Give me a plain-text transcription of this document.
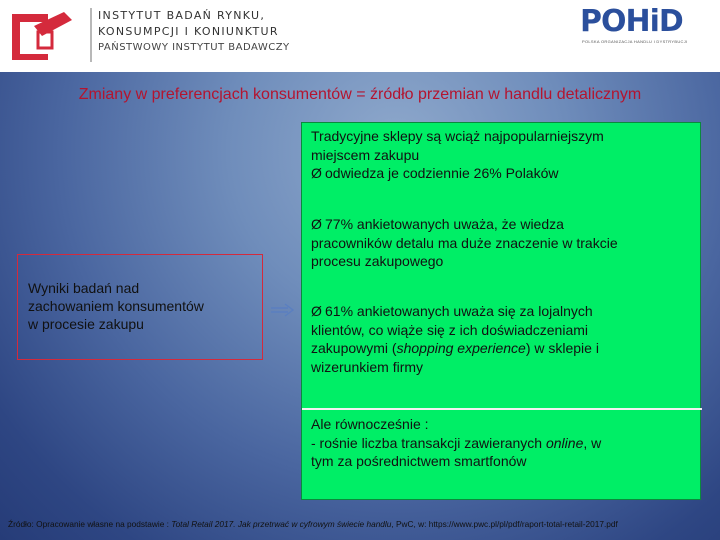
INSTYTUT BADAŃ RYNKU,
KONSUMPCJI I KONIUNKTUR
PAŃSTWOWY INSTYTUT BADAWCZY
POHiD
POLSKA ORGANIZACJA HANDLU I DYSTRYBUCJI
Zmiany w preferencjach konsumentów = źródło przemian w handlu detalicznym
Wyniki badań nad
zachowaniem konsumentów
w procesie zakupu
Tradycyjne sklepy są wciąż najpopularniejszym
miejscem zakupu
Ø odwiedza je codziennie 26% Polaków
Ø 77% ankietowanych uważa, że wiedza
pracowników detalu ma duże znaczenie w trakcie
procesu zakupowego
Ø 61% ankietowanych uważa się za lojalnych
klientów, co wiąże się z ich doświadczeniami
zakupowymi (shopping experience) w sklepie i
wizerunkiem firmy
Ale równocześnie :
- rośnie liczba transakcji zawieranych online, w
tym za pośrednictwem smartfonów
Źródło: Opracowanie własne na podstawie : Total Retail 2017. Jak przetrwać w cyfrowym świecie handlu, PwC, w: https://www.pwc.pl/pl/pdf/raport-total-retail-2017.pdf
